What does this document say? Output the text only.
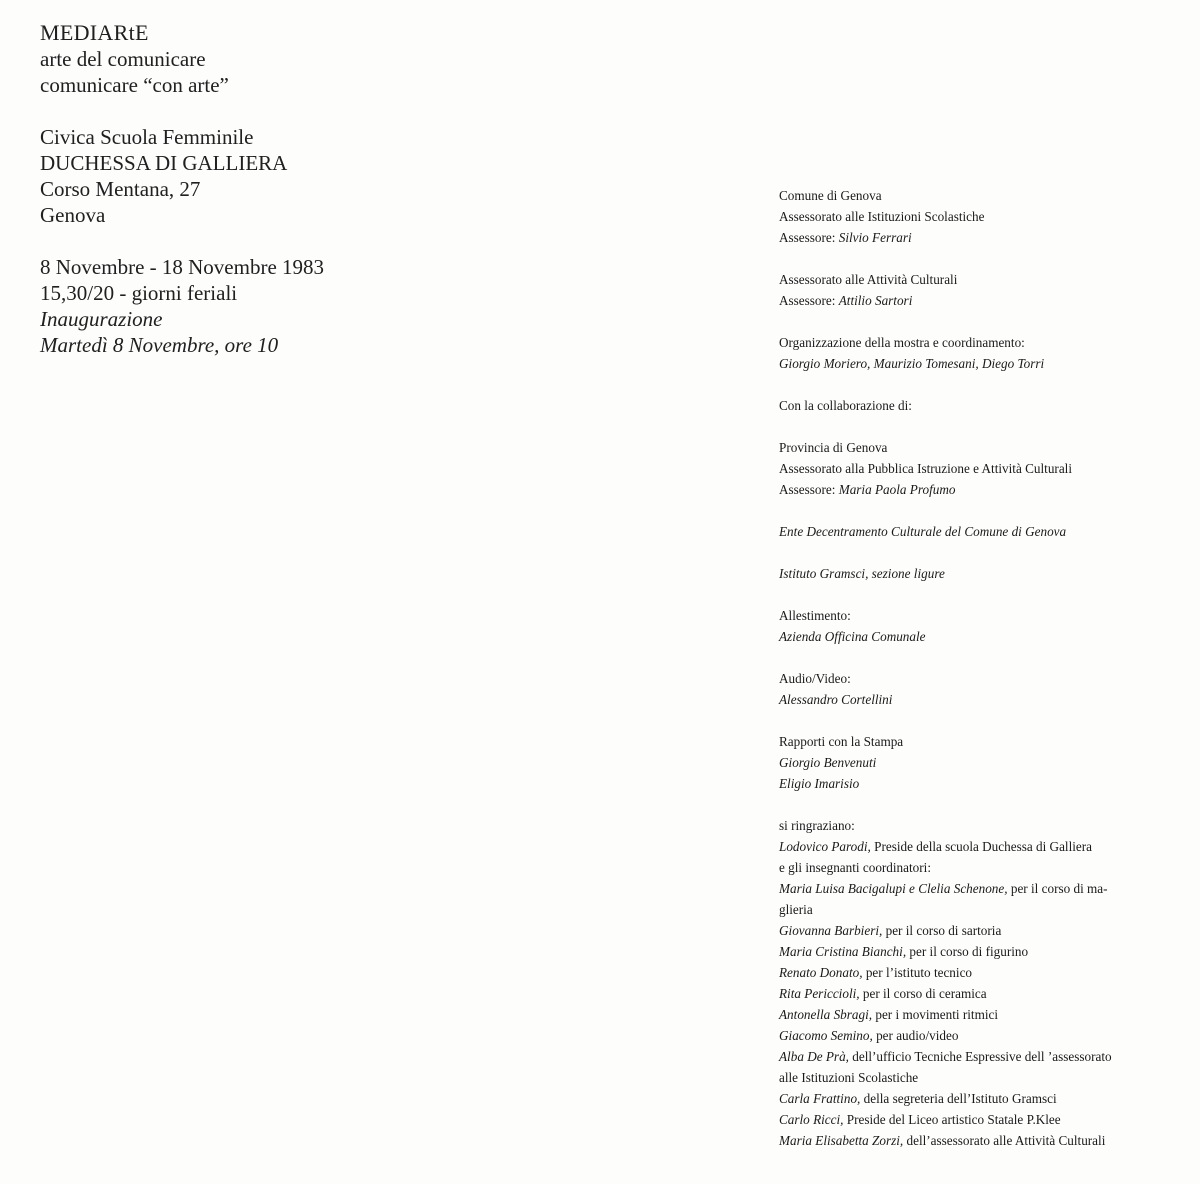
MEDIARtE
arte del comunicare
comunicare “con arte”
Civica Scuola Femminile
DUCHESSA DI GALLIERA
Corso Mentana, 27
Genova
8 Novembre - 18 Novembre 1983
15,30/20 - giorni feriali
Inaugurazione
Martedì 8 Novembre, ore 10
Comune di Genova
Assessorato alle Istituzioni Scolastiche
Assessore: Silvio Ferrari
Assessorato alle Attività Culturali
Assessore: Attilio Sartori
Organizzazione della mostra e coordinamento:
Giorgio Moriero, Maurizio Tomesani, Diego Torri
Con la collaborazione di:
Provincia di Genova
Assessorato alla Pubblica Istruzione e Attività Culturali
Assessore: Maria Paola Profumo
Ente Decentramento Culturale del Comune di Genova
Istituto Gramsci, sezione ligure
Allestimento:
Azienda Officina Comunale
Audio/Video:
Alessandro Cortellini
Rapporti con la Stampa
Giorgio Benvenuti
Eligio Imarisio
si ringraziano:
Lodovico Parodi, Preside della scuola Duchessa di Galliera
e gli insegnanti coordinatori:
Maria Luisa Bacigalupi e Clelia Schenone, per il corso di ma-
glieria
Giovanna Barbieri, per il corso di sartoria
Maria Cristina Bianchi, per il corso di figurino
Renato Donato, per l’istituto tecnico
Rita Periccioli, per il corso di ceramica
Antonella Sbragi, per i movimenti ritmici
Giacomo Semino, per audio/video
Alba De Prà, dell’ufficio Tecniche Espressive dell ’assessorato
alle Istituzioni Scolastiche
Carla Frattino, della segreteria dell’Istituto Gramsci
Carlo Ricci, Preside del Liceo artistico Statale P.Klee
Maria Elisabetta Zorzi, dell’assessorato alle Attività Culturali
